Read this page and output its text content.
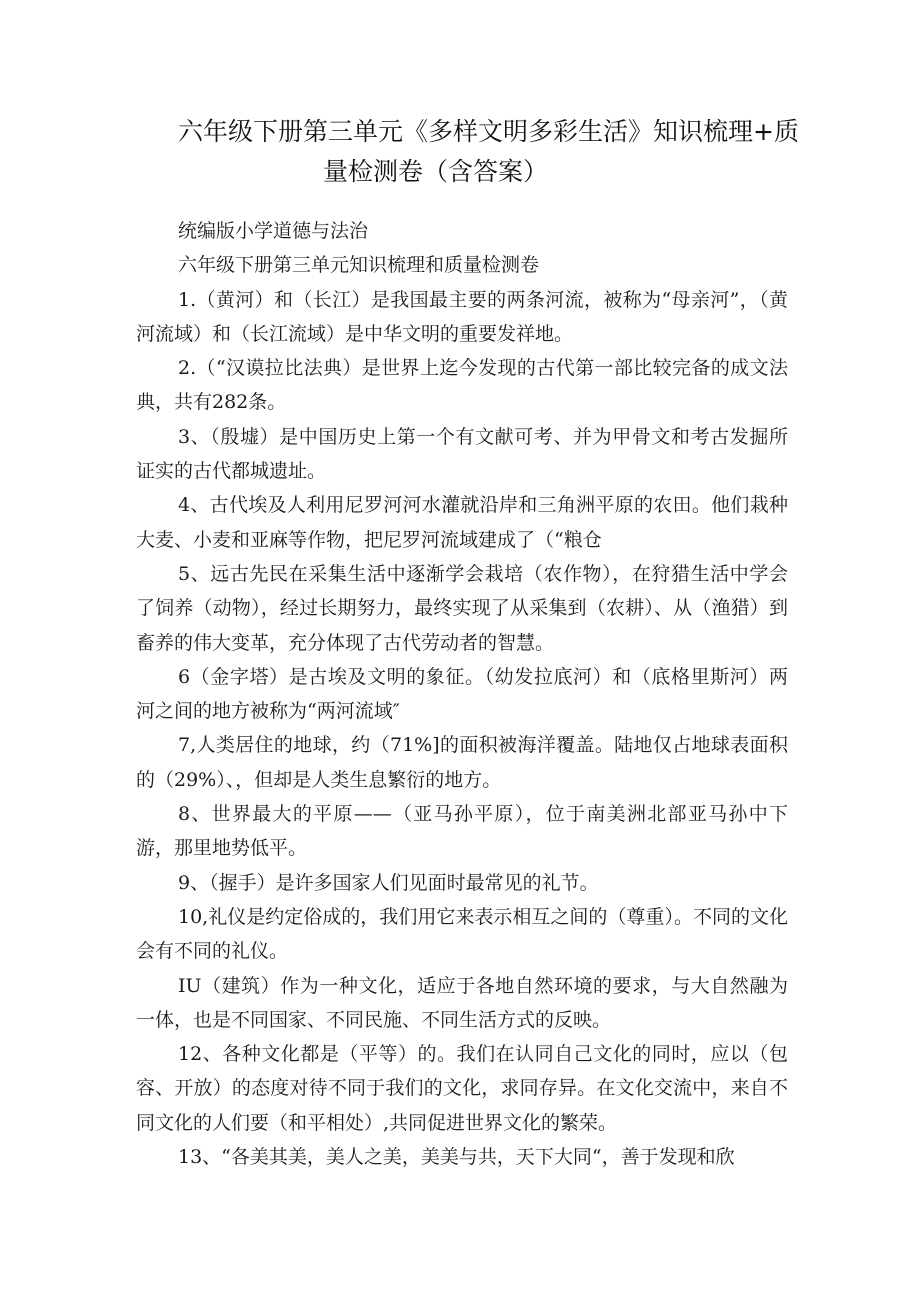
六年级下册第三单元《多样文明多彩生活》知识梳理+质
量检测卷（含答案）

统编版小学道德与法治

六年级下册第三单元知识梳理和质量检测卷

1.（黄河）和（长江）是我国最主要的两条河流，被称为“母亲河”，（黄河流域）和（长江流域）是中华文明的重要发祥地。

2.（“汉谟拉比法典）是世界上迄今发现的古代第一部比较完备的成文法典，共有282条。

3、（殷墟）是中国历史上第一个有文献可考、并为甲骨文和考古发掘所证实的古代都城遗址。

4、古代埃及人利用尼罗河河水灌就沿岸和三角洲平原的农田。他们栽种大麦、小麦和亚麻等作物，把尼罗河流域建成了（“粮仓

5、远古先民在采集生活中逐渐学会栽培（农作物），在狩猎生活中学会了饲养（动物），经过长期努力，最终实现了从采集到（农耕）、从（渔猎）到畜养的伟大变革，充分体现了古代劳动者的智慧。

6（金字塔）是古埃及文明的象征。（幼发拉底河）和（底格里斯河）两河之间的地方被称为“两河流域″

7,人类居住的地球，约（71%]的面积被海洋覆盖。陆地仅占地球表面积的（29%）、，但却是人类生息繁衍的地方。

8、世界最大的平原——（亚马孙平原），位于南美洲北部亚马孙中下游，那里地势低平。

9、（握手）是许多国家人们见面时最常见的礼节。

10,礼仪是约定俗成的，我们用它来表示相互之间的（尊重）。不同的文化会有不同的礼仪。

IU（建筑）作为一种文化，适应于各地自然环境的要求，与大自然融为一体，也是不同国家、不同民施、不同生活方式的反映。

12、各种文化都是（平等）的。我们在认同自己文化的同时，应以（包容、开放）的态度对待不同于我们的文化，求同存异。在文化交流中，来自不同文化的人们要（和平相处）,共同促进世界文化的繁荣。

13、“各美其美，美人之美，美美与共，天下大同“，善于发现和欣
